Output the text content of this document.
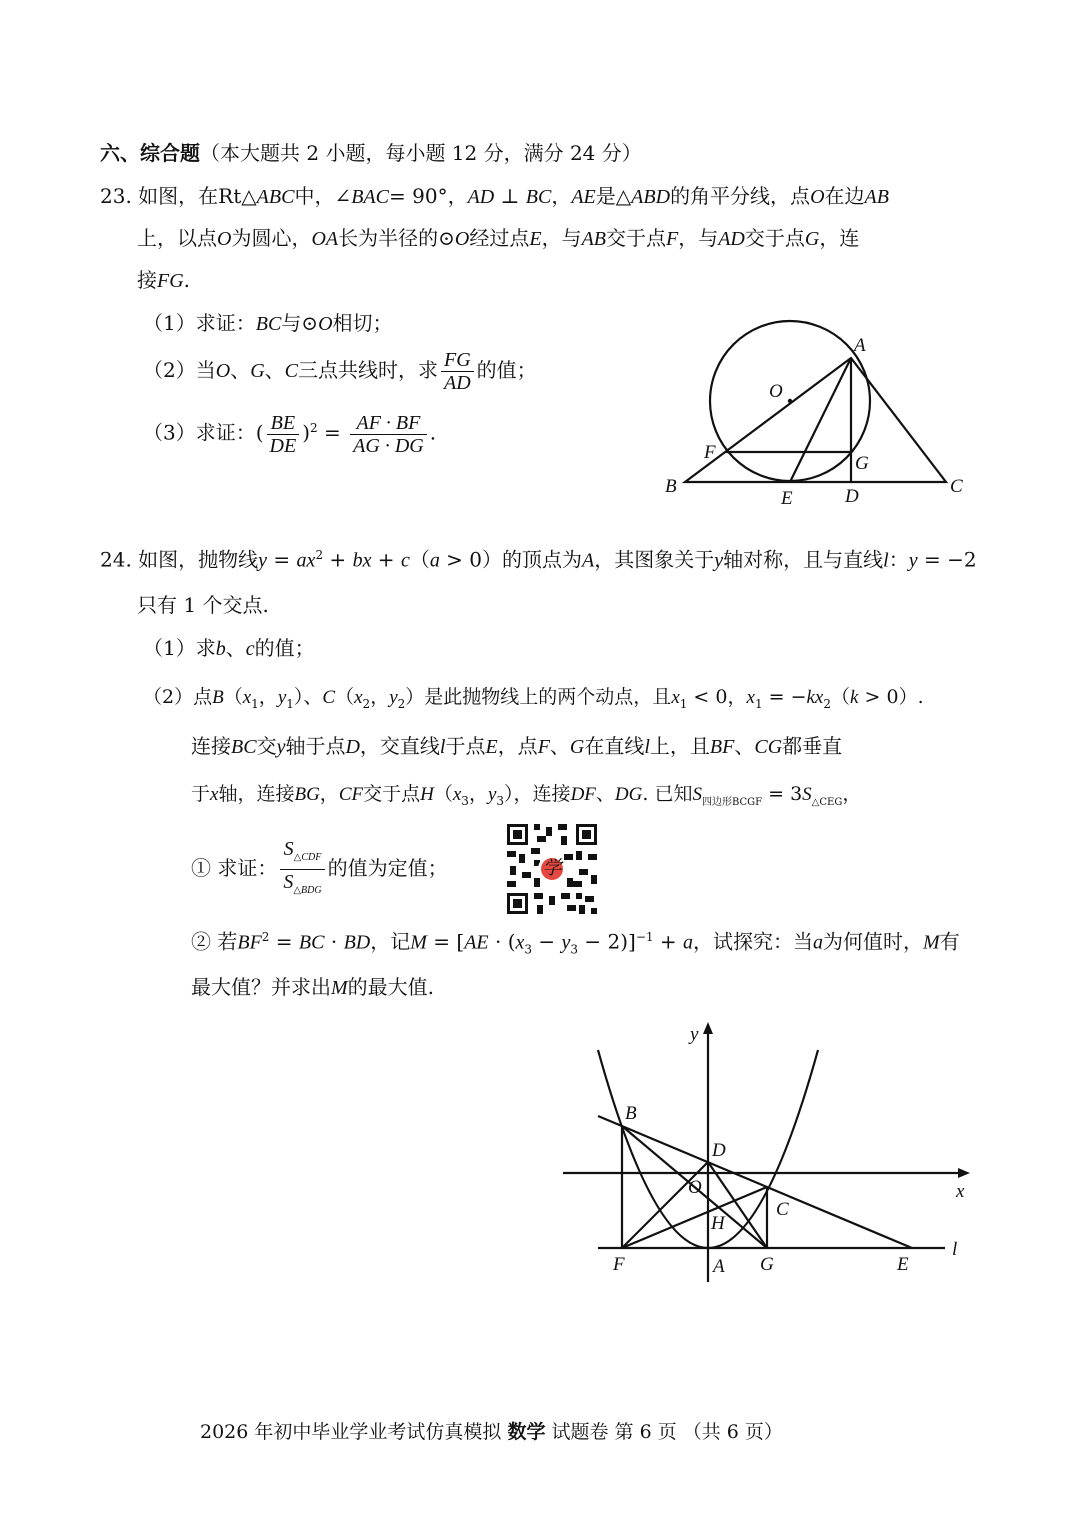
六、综合题（本大题共 2 小题，每小题 12 分，满分 24 分）
23. 如图，在Rt△ABC中，∠BAC= 90°，AD ⊥ BC，AE是△ABD的角平分线，点O在边AB
上，以点O为圆心，OA长为半径的⊙O经过点E，与AB交于点F，与AD交于点G，连
接FG.
（1）求证：BC与⊙O相切；
（2）当O、G、C三点共线时，求 $\frac{FG}{AD}$ 的值；
（3）求证：( $\frac{BE}{DE} )^2 = \frac{AF \cdot BF}{AG \cdot DG}$ .
A
O
F
G
B
E	D	C
24. 如图，抛物线$y = ax^2$ + bx + c（a > 0）的顶点为A，其图象关于y轴对称，且与直线l：y = −2
只有 1 个交点.
（1）求b、c的值；
（2）点$B(x_1$，$y_1$）、$C(x_2$，$y_2$）是此抛物线上的两个动点，且$x_1 < 0$，$x_1 = -kx_2(k > 0)$.
连接BC交y轴于点D，交直线l于点E，点F、G在直线l上，且BF、CG都垂直
于x轴，连接BG，CF交于点$H(x_3$，$y_3$），连接DF、DG. 已知$S_{四边形BCGF} = 3S_{\triangle CEG}$，
① 求证： $\frac{S_{\triangle CDF}}{S_{\triangle BDG}}$ 的值为定值；	学
② 若$BF^2$ = BC · BD，记$M = [AE \cdot (x_3 - y_3 - 2)]^{-1} + a$，试探究：当a为何值时，M有
最大值？并求出M的最大值.
y
x
l
B
D
O
H
C
F	A G	E
2026 年初中毕业学业考试仿真模拟 数学 试题卷 第 6 页 （共 6 页）
